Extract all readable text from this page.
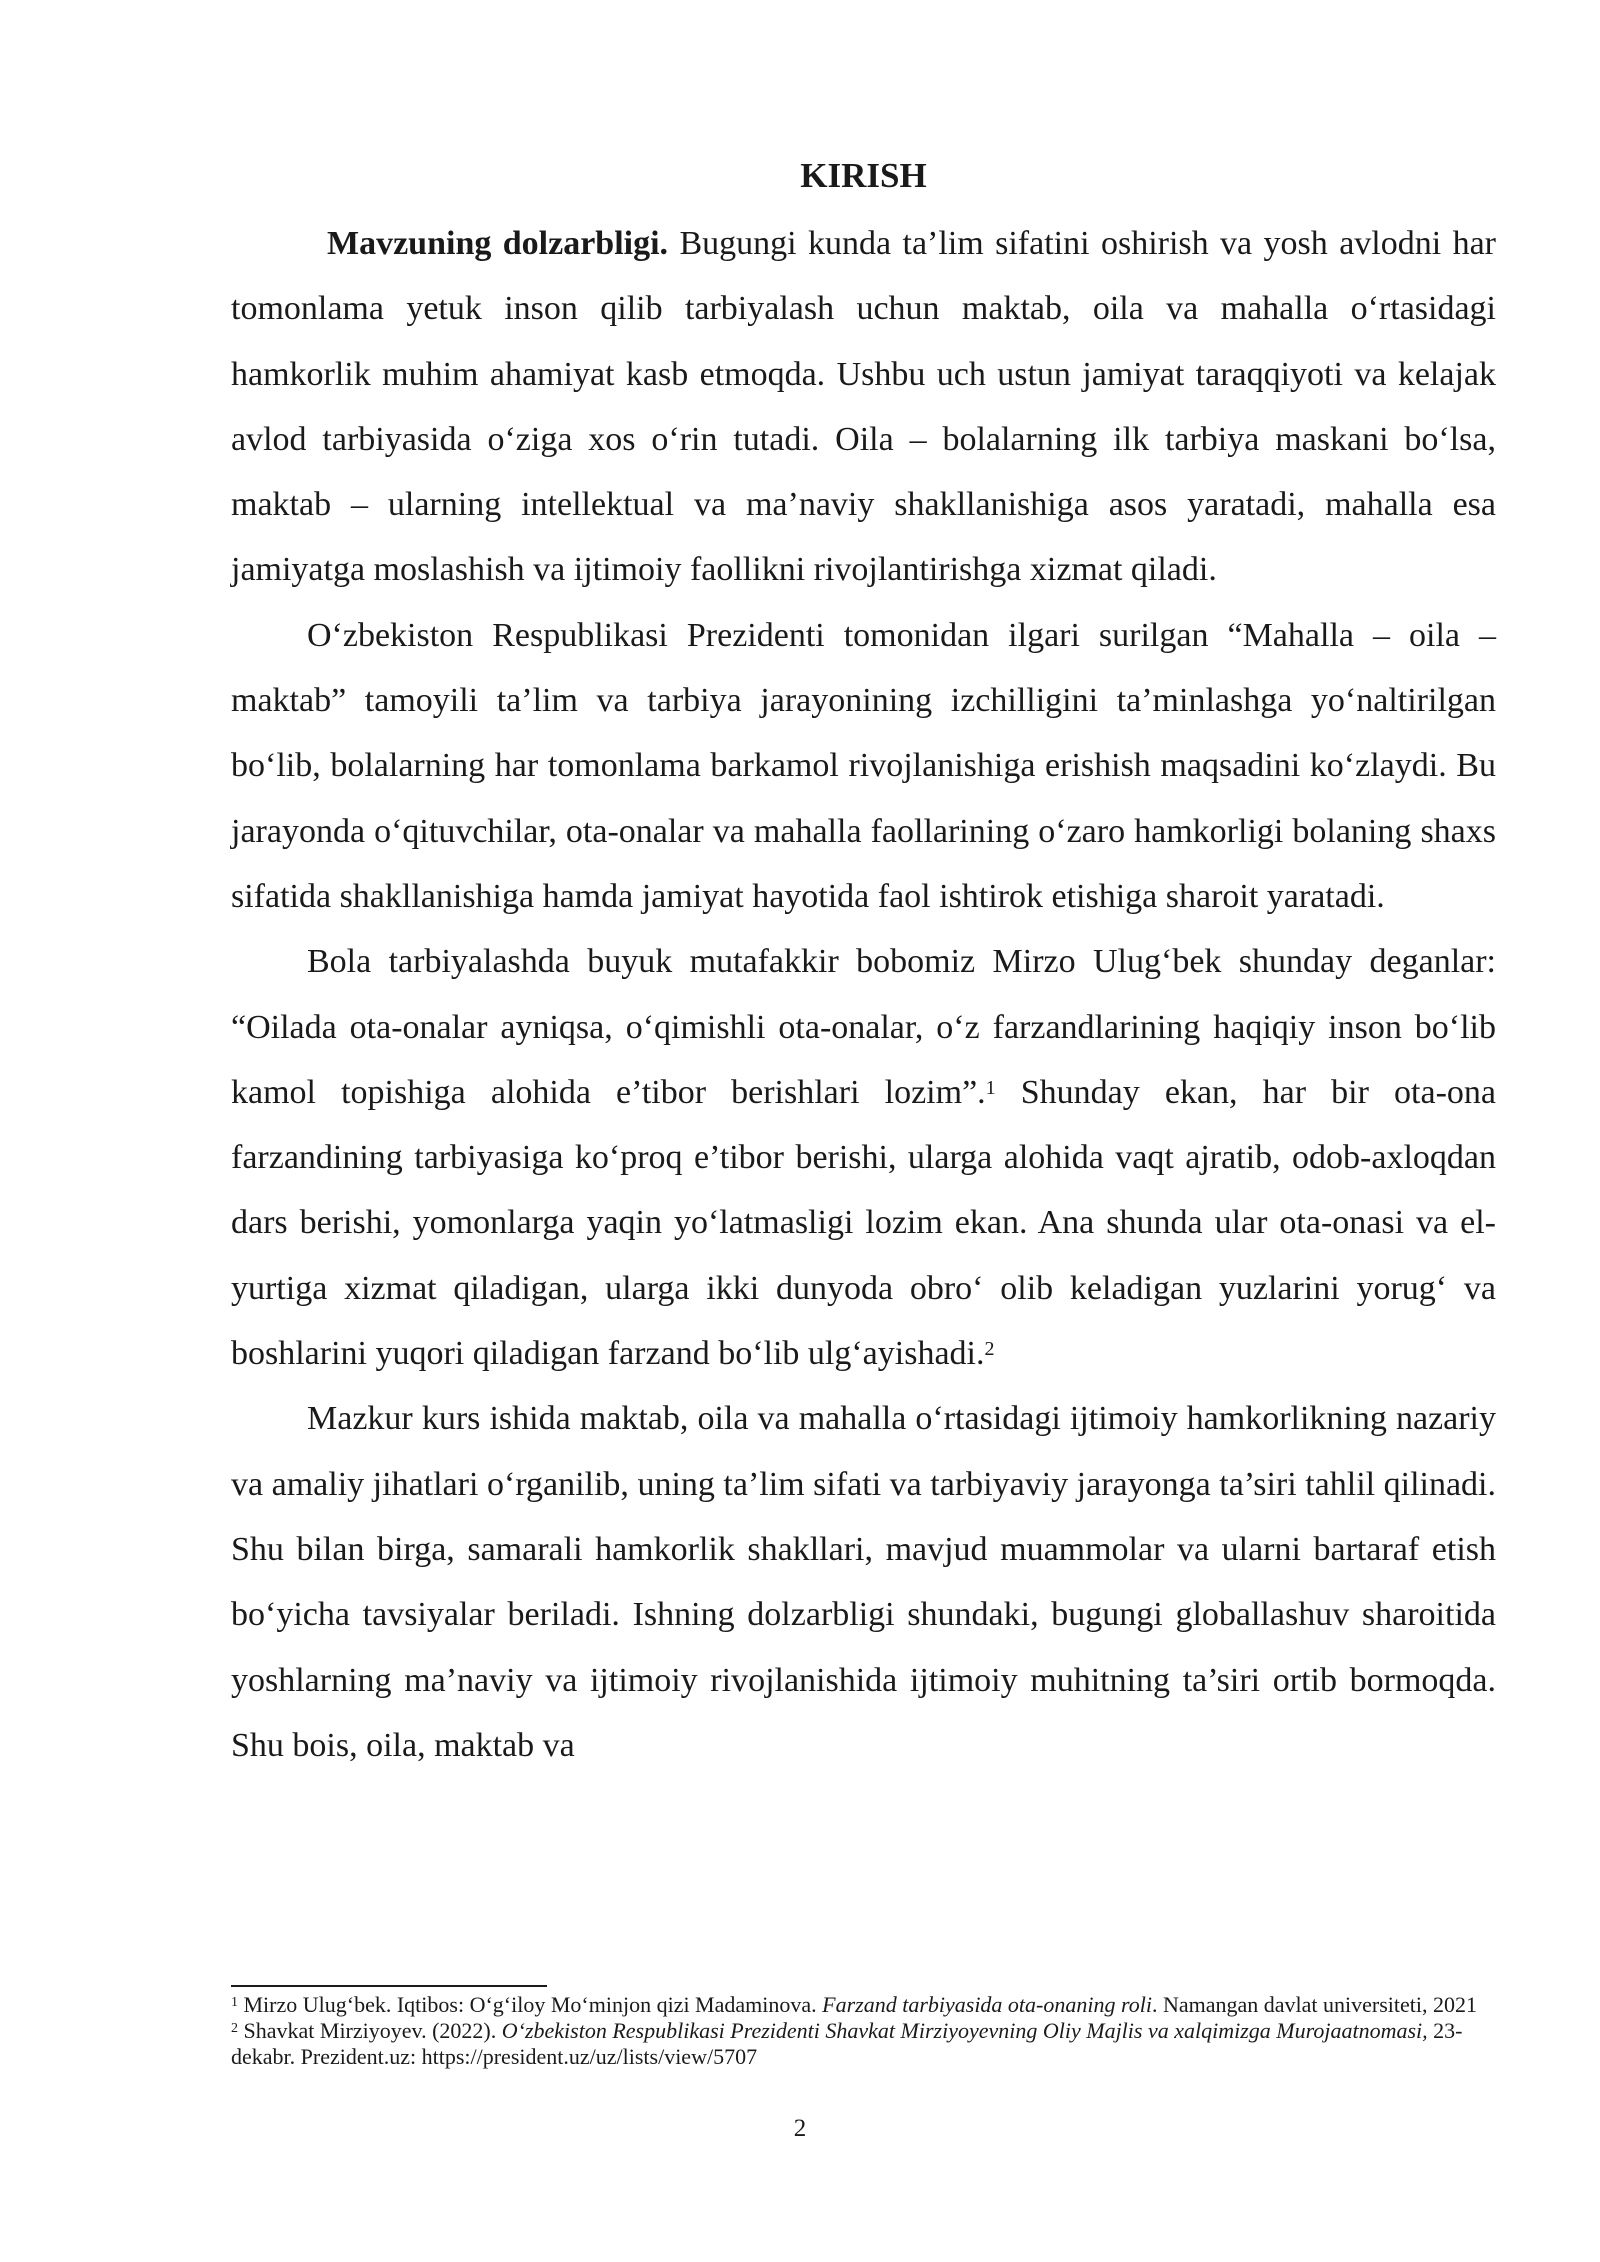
KIRISH

Mavzuning dolzarbligi. Bugungi kunda ta’lim sifatini oshirish va yosh avlodni har tomonlama yetuk inson qilib tarbiyalash uchun maktab, oila va mahalla o‘rtasidagi hamkorlik muhim ahamiyat kasb etmoqda. Ushbu uch ustun jamiyat taraqqiyoti va kelajak avlod tarbiyasida o‘ziga xos o‘rin tutadi. Oila – bolalarning ilk tarbiya maskani bo‘lsa, maktab – ularning intellektual va ma’naviy shakllanishiga asos yaratadi, mahalla esa jamiyatga moslashish va ijtimoiy faollikni rivojlantirishga xizmat qiladi.

O‘zbekiston Respublikasi Prezidenti tomonidan ilgari surilgan “Mahalla – oila – maktab” tamoyili ta’lim va tarbiya jarayonining izchilligini ta’minlashga yo‘naltirilgan bo‘lib, bolalarning har tomonlama barkamol rivojlanishiga erishish maqsadini ko‘zlaydi. Bu jarayonda o‘qituvchilar, ota-onalar va mahalla faollarining o‘zaro hamkorligi bolaning shaxs sifatida shakllanishiga hamda jamiyat hayotida faol ishtirok etishiga sharoit yaratadi.

Bola tarbiyalashda buyuk mutafakkir bobomiz Mirzo Ulug‘bek shunday deganlar: “Oilada ota-onalar ayniqsa, o‘qimishli ota-onalar, o‘z farzandlarining haqiqiy inson bo‘lib kamol topishiga alohida e’tibor berishlari lozim”.$^1$ Shunday ekan, har bir ota-ona farzandining tarbiyasiga ko‘proq e’tibor berishi, ularga alohida vaqt ajratib, odob-axloqdan dars berishi, yomonlarga yaqin yo‘latmasligi lozim ekan. Ana shunda ular ota-onasi va el-yurtiga xizmat qiladigan, ularga ikki dunyoda obro‘ olib keladigan yuzlarini yorug‘ va boshlarini yuqori qiladigan farzand bo‘lib ulg‘ayishadi.$^2$

Mazkur kurs ishida maktab, oila va mahalla o‘rtasidagi ijtimoiy hamkorlikning nazariy va amaliy jihatlari o‘rganilib, uning ta’lim sifati va tarbiyaviy jarayonga ta’siri tahlil qilinadi. Shu bilan birga, samarali hamkorlik shakllari, mavjud muammolar va ularni bartaraf etish bo‘yicha tavsiyalar beriladi. Ishning dolzarbligi shundaki, bugungi globallashuv sharoitida yoshlarning ma’naviy va ijtimoiy rivojlanishida ijtimoiy muhitning ta’siri ortib bormoqda. Shu bois, oila, maktab va

$^1$ Mirzo Ulug‘bek. Iqtibos: O‘g‘iloy Mo‘minjon qizi Madaminova. Farzand tarbiyasida ota-onaning roli. Namangan davlat universiteti, 2021

$^2$ Shavkat Mirziyoyev. (2022). O‘zbekiston Respublikasi Prezidenti Shavkat Mirziyoyevning Oliy Majlis va xalqimizga Murojaatnomasi, 23-dekabr. Prezident.uz: https://president.uz/uz/lists/view/5707

2
